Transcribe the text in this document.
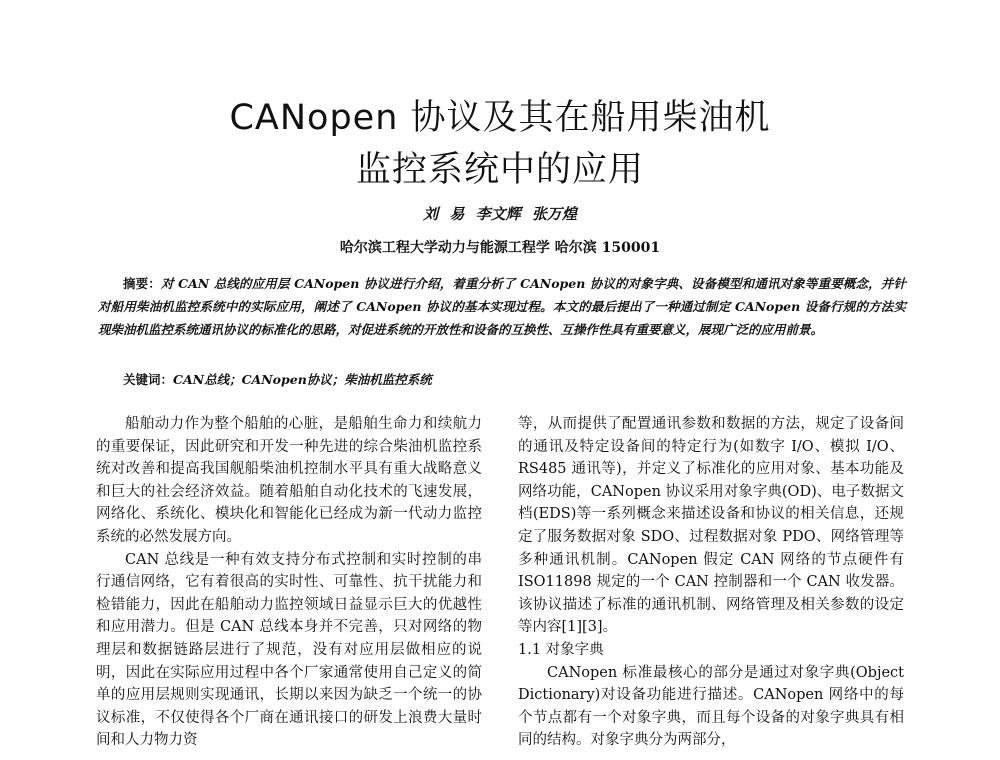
CANopen 协议及其在船用柴油机
监控系统中的应用
刘 易 李文辉 张万煌
哈尔滨工程大学动力与能源工程学 哈尔滨 150001
摘要：对 CAN 总线的应用层 CANopen 协议进行介绍，着重分析了 CANopen 协议的对象字典、设备模型和通讯对象等重要概念，并针对船用柴油机监控系统中的实际应用，阐述了 CANopen 协议的基本实现过程。本文的最后提出了一种通过制定 CANopen 设备行规的方法实现柴油机监控系统通讯协议的标准化的思路，对促进系统的开放性和设备的互换性、互操作性具有重要意义，展现广泛的应用前景。
关键词：CAN总线；CANopen协议；柴油机监控系统

船舶动力作为整个船舶的心脏，是船舶生命力和续航力的重要保证，因此研究和开发一种先进的综合柴油机监控系统对改善和提高我国舰船柴油机控制水平具有重大战略意义和巨大的社会经济效益。随着船舶自动化技术的飞速发展，网络化、系统化、模块化和智能化已经成为新一代动力监控系统的必然发展方向。

CAN 总线是一种有效支持分布式控制和实时控制的串行通信网络，它有着很高的实时性、可靠性、抗干扰能力和检错能力，因此在船舶动力监控领域日益显示巨大的优越性和应用潜力。但是 CAN 总线本身并不完善，只对网络的物理层和数据链路层进行了规范，没有对应用层做相应的说明，因此在实际应用过程中各个厂家通常使用自己定义的简单的应用层规则实现通讯，长期以来因为缺乏一个统一的协议标准，不仅使得各个厂商在通讯接口的研发上浪费大量时间和人力物力资

等，从而提供了配置通讯参数和数据的方法，规定了设备间的通讯及特定设备间的特定行为(如数字 I/O、模拟 I/O、RS485 通讯等)，并定义了标准化的应用对象、基本功能及网络功能，CANopen 协议采用对象字典(OD)、电子数据文档(EDS)等一系列概念来描述设备和协议的相关信息，还规定了服务数据对象 SDO、过程数据对象 PDO、网络管理等多种通讯机制。CANopen 假定 CAN 网络的节点硬件有 ISO11898 规定的一个 CAN 控制器和一个 CAN 收发器。该协议描述了标准的通讯机制、网络管理及相关参数的设定等内容[1][3]。

1.1 对象字典

CANopen 标准最核心的部分是通过对象字典(Object Dictionary)对设备功能进行描述。CANopen 网络中的每个节点都有一个对象字典，而且每个设备的对象字典具有相同的结构。对象字典分为两部分，
